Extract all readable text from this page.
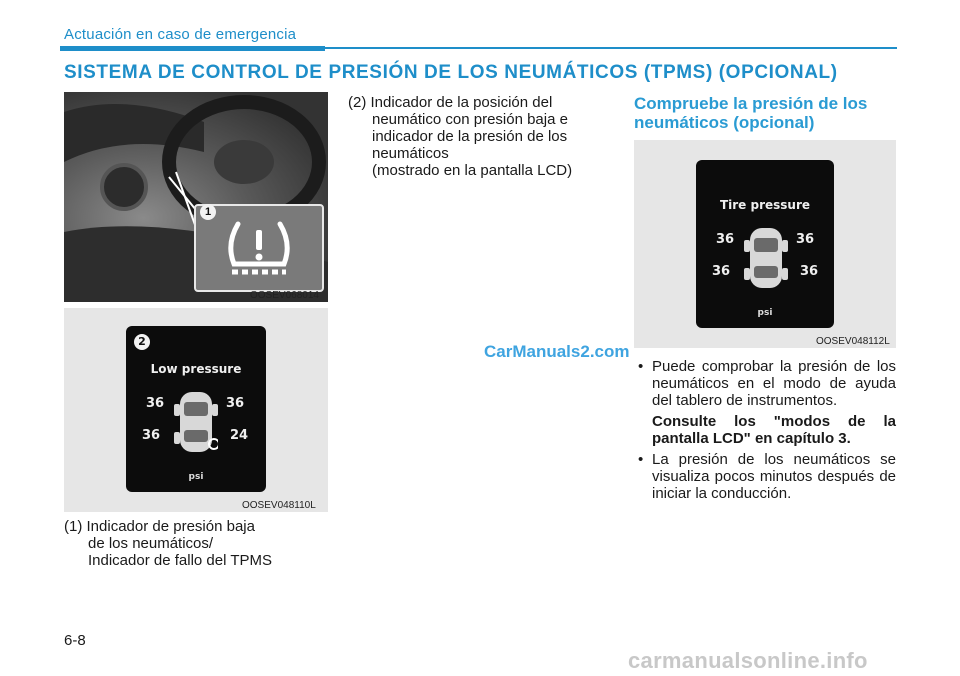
Actuación en caso de emergencia
SISTEMA DE CONTROL DE PRESIÓN DE LOS NEUMÁTICOS (TPMS) (OPCIONAL)
1
OOSEV068014
2
Low pressure
36	36
36	24
psi
OOSEV048110L
(1) Indicador de presión baja
de los neumáticos/
Indicador de fallo del TPMS
(2) Indicador de la posición del
neumático con presión baja e
indicador de la presión de los
neumáticos
(mostrado en la pantalla LCD)
CarManuals2.com
Compruebe la presión de los neumáticos (opcional)
Tire pressure
36	36
36	36
psi
OOSEV048112L
• Puede comprobar la presión de los neumáticos en el modo de ayuda del tablero de instrumentos.
Consulte los "modos de la pantalla LCD" en capítulo 3.
• La presión de los neumáticos se visualiza pocos minutos después de iniciar la conducción.
6-8
carmanualsonline.info
